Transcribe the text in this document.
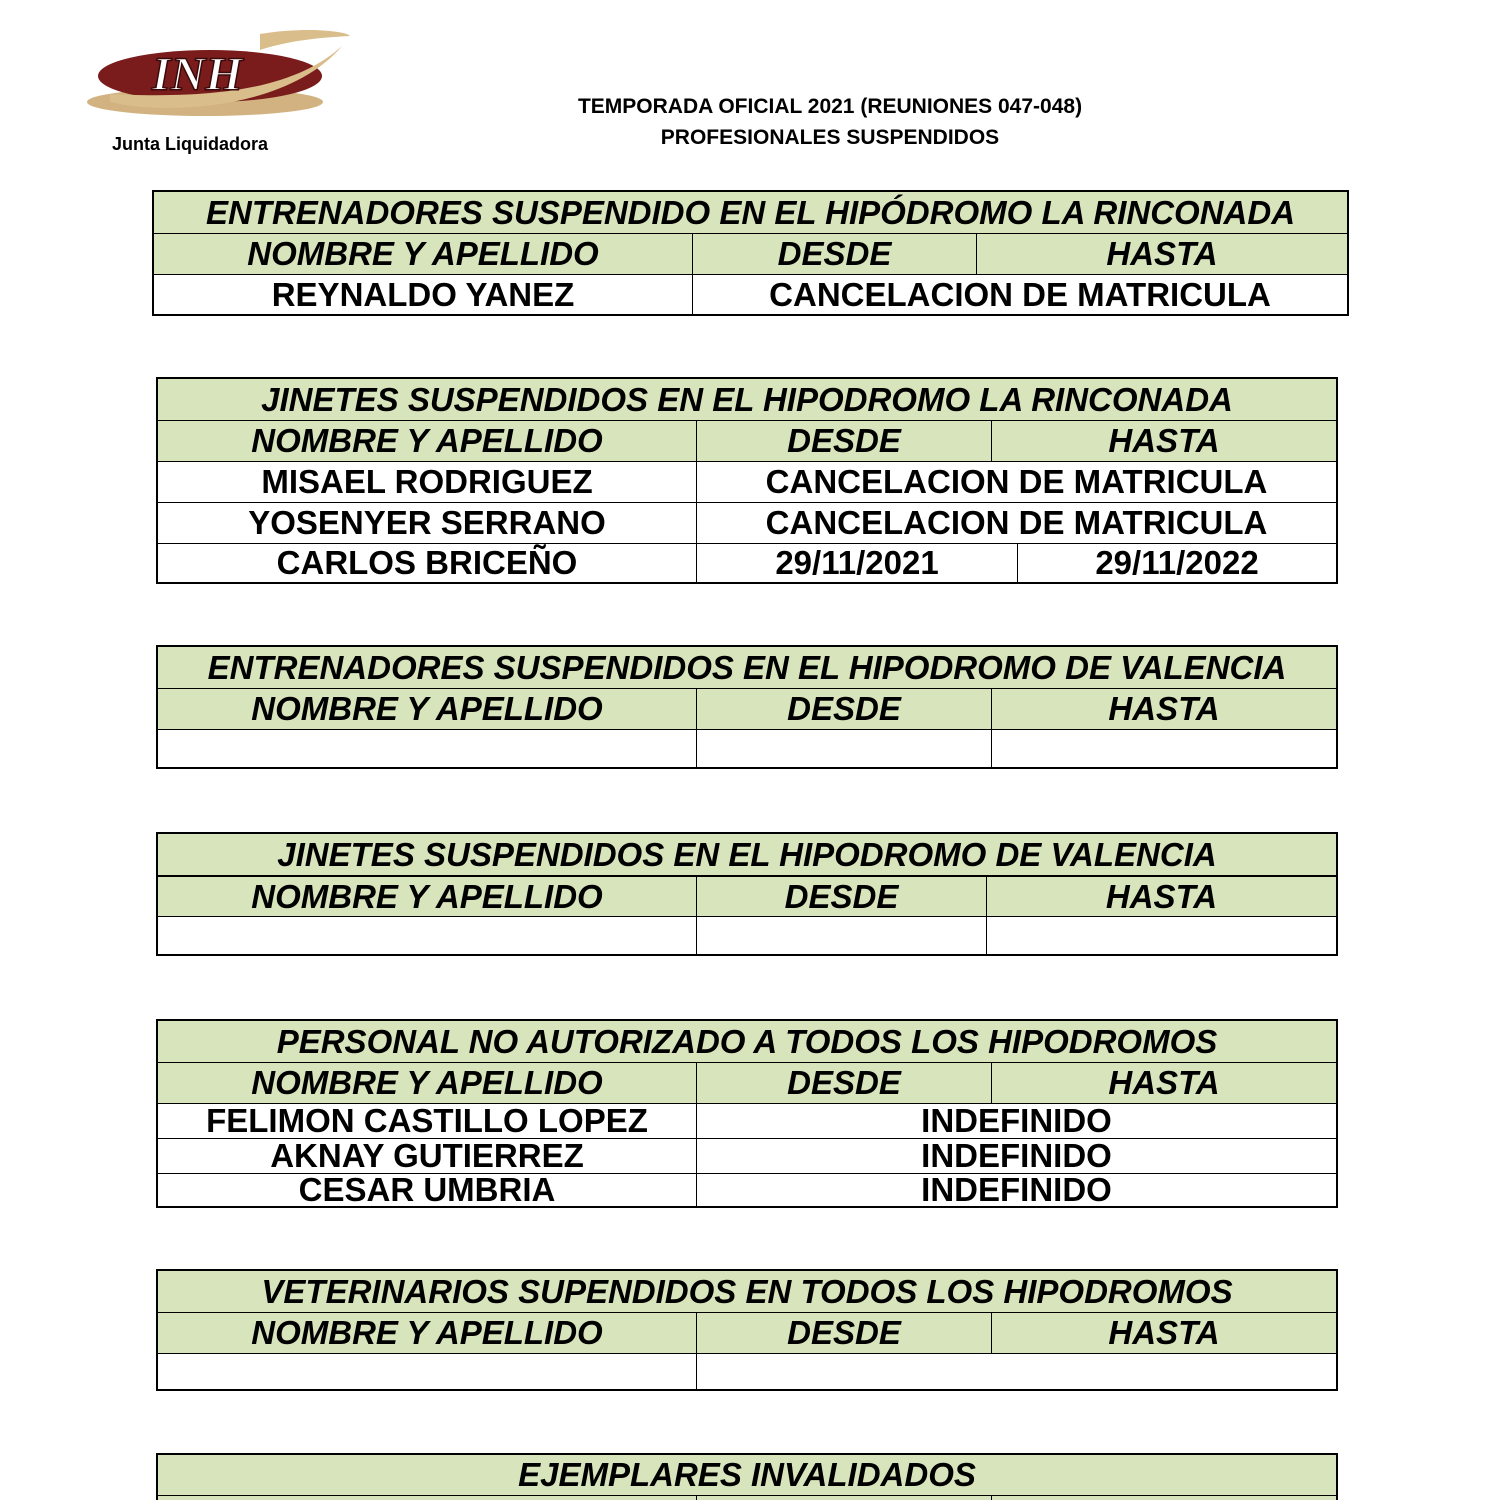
INH
Junta Liquidadora
TEMPORADA OFICIAL 2021 (REUNIONES 047-048)
PROFESIONALES SUSPENDIDOS
ENTRENADORES SUSPENDIDO EN EL HIPÓDROMO LA RINCONADA
NOMBRE Y APELLIDO	DESDE	HASTA
REYNALDO YANEZ	CANCELACION DE MATRICULA
JINETES SUSPENDIDOS EN EL HIPODROMO LA RINCONADA
NOMBRE Y APELLIDO	DESDE	HASTA
MISAEL RODRIGUEZ	CANCELACION DE MATRICULA
YOSENYER SERRANO	CANCELACION DE MATRICULA
CARLOS BRICEÑO	29/11/2021	29/11/2022
ENTRENADORES SUSPENDIDOS EN EL HIPODROMO DE VALENCIA
NOMBRE Y APELLIDO	DESDE	HASTA
JINETES SUSPENDIDOS EN EL HIPODROMO DE VALENCIA
NOMBRE Y APELLIDO	DESDE	HASTA
PERSONAL NO AUTORIZADO A TODOS LOS HIPODROMOS
NOMBRE Y APELLIDO	DESDE	HASTA
FELIMON CASTILLO LOPEZ	INDEFINIDO
AKNAY GUTIERREZ	INDEFINIDO
CESAR UMBRIA	INDEFINIDO
VETERINARIOS SUPENDIDOS EN TODOS LOS HIPODROMOS
NOMBRE Y APELLIDO	DESDE	HASTA
EJEMPLARES INVALIDADOS
